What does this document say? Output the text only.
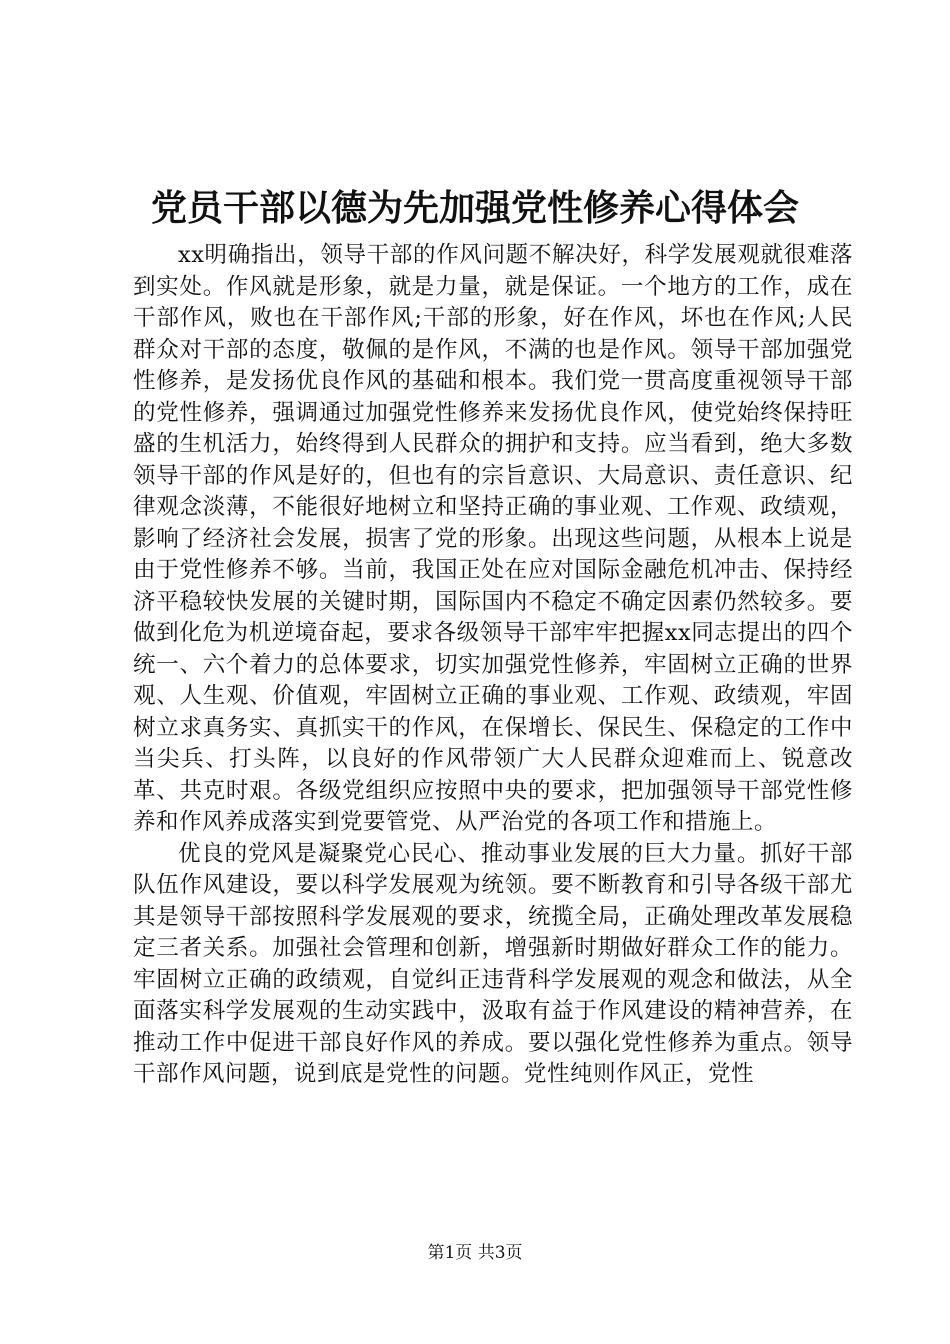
党员干部以德为先加强党性修养心得体会

xx明确指出，领导干部的作风问题不解决好，科学发展观就很难落到实处。作风就是形象，就是力量，就是保证。一个地方的工作，成在干部作风，败也在干部作风;干部的形象，好在作风，坏也在作风;人民群众对干部的态度，敬佩的是作风，不满的也是作风。领导干部加强党性修养，是发扬优良作风的基础和根本。我们党一贯高度重视领导干部的党性修养，强调通过加强党性修养来发扬优良作风，使党始终保持旺盛的生机活力，始终得到人民群众的拥护和支持。应当看到，绝大多数领导干部的作风是好的，但也有的宗旨意识、大局意识、责任意识、纪律观念淡薄，不能很好地树立和坚持正确的事业观、工作观、政绩观，影响了经济社会发展，损害了党的形象。出现这些问题，从根本上说是由于党性修养不够。当前，我国正处在应对国际金融危机冲击、保持经济平稳较快发展的关键时期，国际国内不稳定不确定因素仍然较多。要做到化危为机逆境奋起，要求各级领导干部牢牢把握xx同志提出的四个统一、六个着力的总体要求，切实加强党性修养，牢固树立正确的世界观、人生观、价值观，牢固树立正确的事业观、工作观、政绩观，牢固树立求真务实、真抓实干的作风，在保增长、保民生、保稳定的工作中当尖兵、打头阵，以良好的作风带领广大人民群众迎难而上、锐意改革、共克时艰。各级党组织应按照中央的要求，把加强领导干部党性修养和作风养成落实到党要管党、从严治党的各项工作和措施上。

优良的党风是凝聚党心民心、推动事业发展的巨大力量。抓好干部队伍作风建设，要以科学发展观为统领。要不断教育和引导各级干部尤其是领导干部按照科学发展观的要求，统揽全局，正确处理改革发展稳定三者关系。加强社会管理和创新，增强新时期做好群众工作的能力。牢固树立正确的政绩观，自觉纠正违背科学发展观的观念和做法，从全面落实科学发展观的生动实践中，汲取有益于作风建设的精神营养，在推动工作中促进干部良好作风的养成。要以强化党性修养为重点。领导干部作风问题，说到底是党性的问题。党性纯则作风正，党性

第1页 共3页
